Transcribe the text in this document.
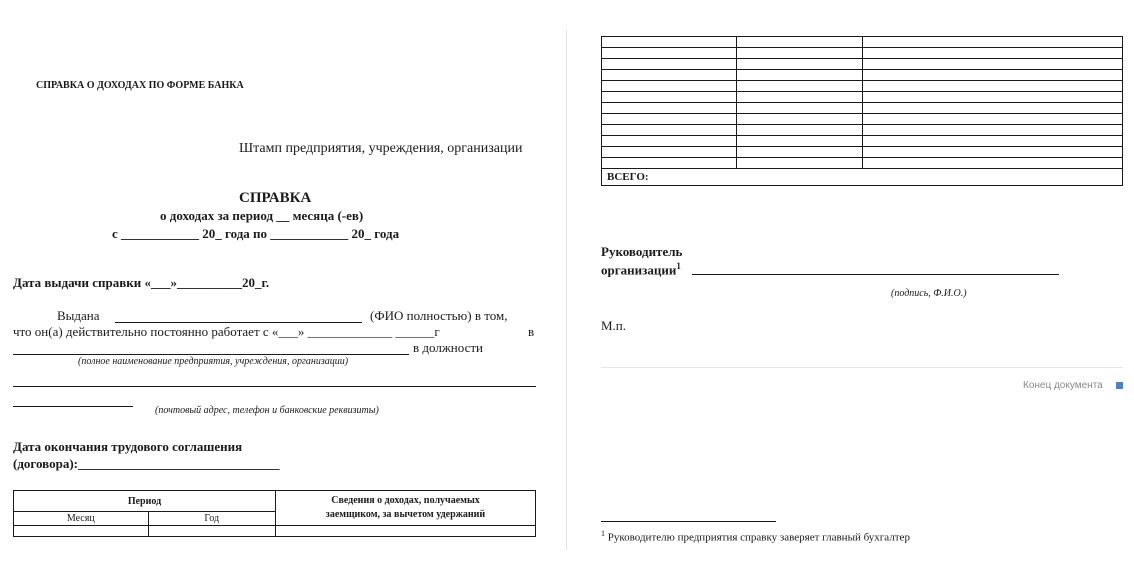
СПРАВКА О ДОХОДАХ ПО ФОРМЕ БАНКА
Штамп предприятия, учреждения, организации
СПРАВКА
о доходах за период __ месяца (-ев)
с ____________ 20_ года по ____________ 20_ года
Дата выдачи справки «___»__________20_г.
Выдана	(ФИО полностью) в том,
что он(а) действительно постоянно работает с «___» _____________ ______г	в
в должности
(полное наименование предприятия, учреждения, организации)
(почтовый адрес, телефон и банковские реквизиты)
Дата окончания трудового соглашения
(договора):_______________________________
Период		Сведения о доходах, получаемых заемщиком, за вычетом удержаний
Месяц	Год	

ВСЕГО:		
Руководитель
организации$^1$
(подпись, Ф.И.О.)
М.п.
Конец документа
$^1$ Руководителю предприятия справку заверяет главный бухгалтер
